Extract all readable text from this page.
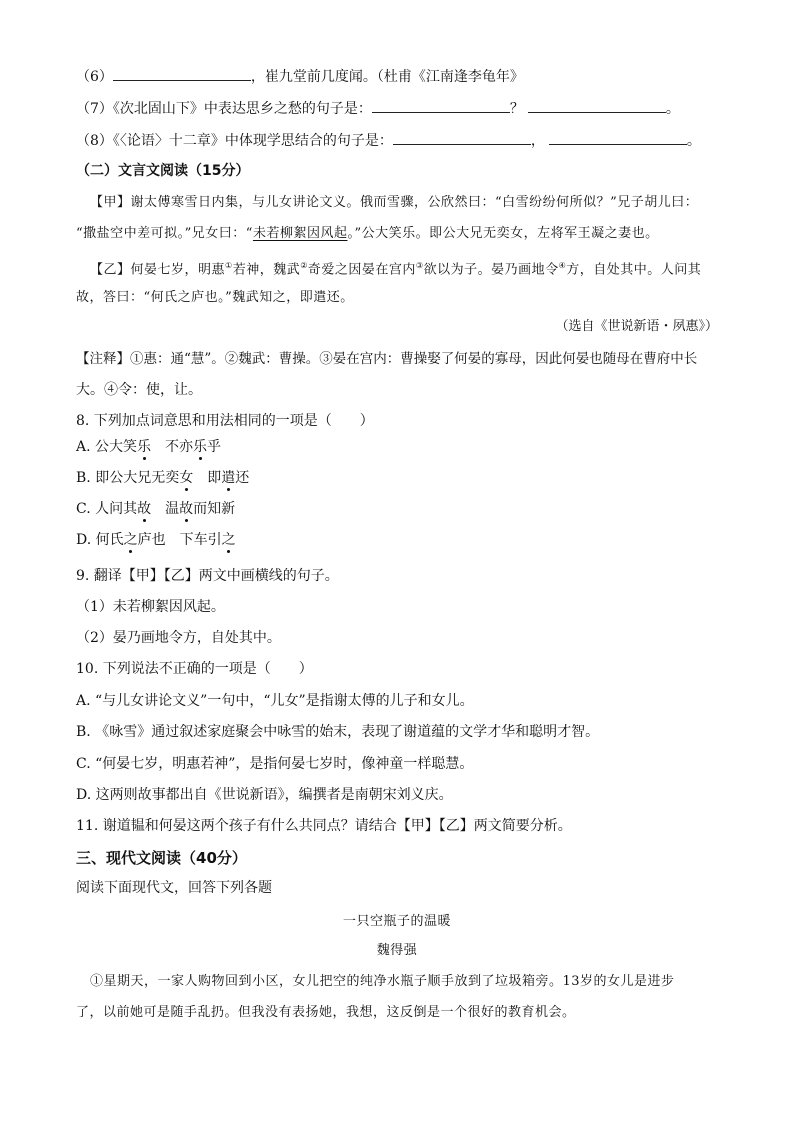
（6）	，崔九堂前几度闻。（杜甫《江南逢李龟年》
（7）《次北固山下》中表达思乡之愁的句子是：	？	。
（8）《〈论语〉十二章》中体现学思结合的句子是：	，	。
（二）文言文阅读（15分）
【甲】谢太傅寒雪日内集，与儿女讲论文义。俄而雪骤，公欣然曰：“白雪纷纷何所似？”兄子胡儿曰：
“撒盐空中差可拟。”兄女曰：“未若柳絮因风起。”公大笑乐。即公大兄无奕女，左将军王凝之妻也。
【乙】何晏七岁，明惠①若神，魏武②奇爱之因晏在宫内③欲以为子。晏乃画地令④方，自处其中。人问其
故，答曰：“何氏之庐也。”魏武知之，即遣还。
（选自《世说新语・夙惠》）
【注释】①惠：通“慧”。②魏武：曹操。③晏在宫内：曹操娶了何晏的寡母，因此何晏也随母在曹府中长
大。④令：使，让。
8. 下列加点词意思和用法相同的一项是（　　）
A. 公大笑乐　不亦乐乎
B. 即公大兄无奕女　即遣还
C. 人问其故　温故而知新
D. 何氏之庐也　下车引之
9. 翻译【甲】【乙】两文中画横线的句子。
（1）未若柳絮因风起。
（2）晏乃画地令方，自处其中。
10. 下列说法不正确的一项是（　　）
A. “与儿女讲论文义”一句中，“儿女”是指谢太傅的儿子和女儿。
B. 《咏雪》通过叙述家庭聚会中咏雪的始末，表现了谢道蕴的文学才华和聪明才智。
C. “何晏七岁，明惠若神”，是指何晏七岁时，像神童一样聪慧。
D. 这两则故事都出自《世说新语》，编撰者是南朝宋刘义庆。
11. 谢道韫和何晏这两个孩子有什么共同点？请结合【甲】【乙】两文简要分析。
三、现代文阅读（40分）
阅读下面现代文，回答下列各题
一只空瓶子的温暖
魏得强
①星期天，一家人购物回到小区，女儿把空的纯净水瓶子顺手放到了垃圾箱旁。13岁的女儿是进步
了，以前她可是随手乱扔。但我没有表扬她，我想，这反倒是一个很好的教育机会。
